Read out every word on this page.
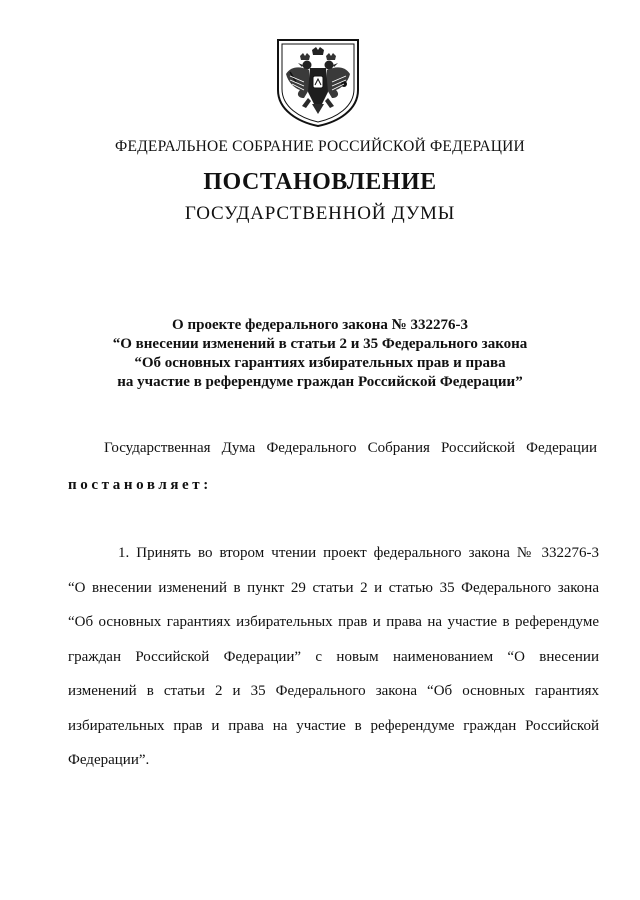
ФЕДЕРАЛЬНОЕ СОБРАНИЕ РОССИЙСКОЙ ФЕДЕРАЦИИ
ПОСТАНОВЛЕНИЕ
ГОСУДАРСТВЕННОЙ ДУМЫ
О проекте федерального закона № 332276-3
“О внесении изменений в статьи 2 и 35 Федерального закона
“Об основных гарантиях избирательных прав и права
на участие в референдуме граждан Российской Федерации”
Государственная Дума Федерального Собрания Российской Федерации
постановляет:
1. Принять во втором чтении проект федерального закона № 332276-3
“О внесении изменений в пункт 29 статьи 2 и статью 35 Федерального закона
“Об основных гарантиях избирательных прав и права на участие в референдуме
граждан Российской Федерации” с новым наименованием “О внесении
изменений в статьи 2 и 35 Федерального закона “Об основных гарантиях
избирательных прав и права на участие в референдуме граждан Российской
Федерации”.
